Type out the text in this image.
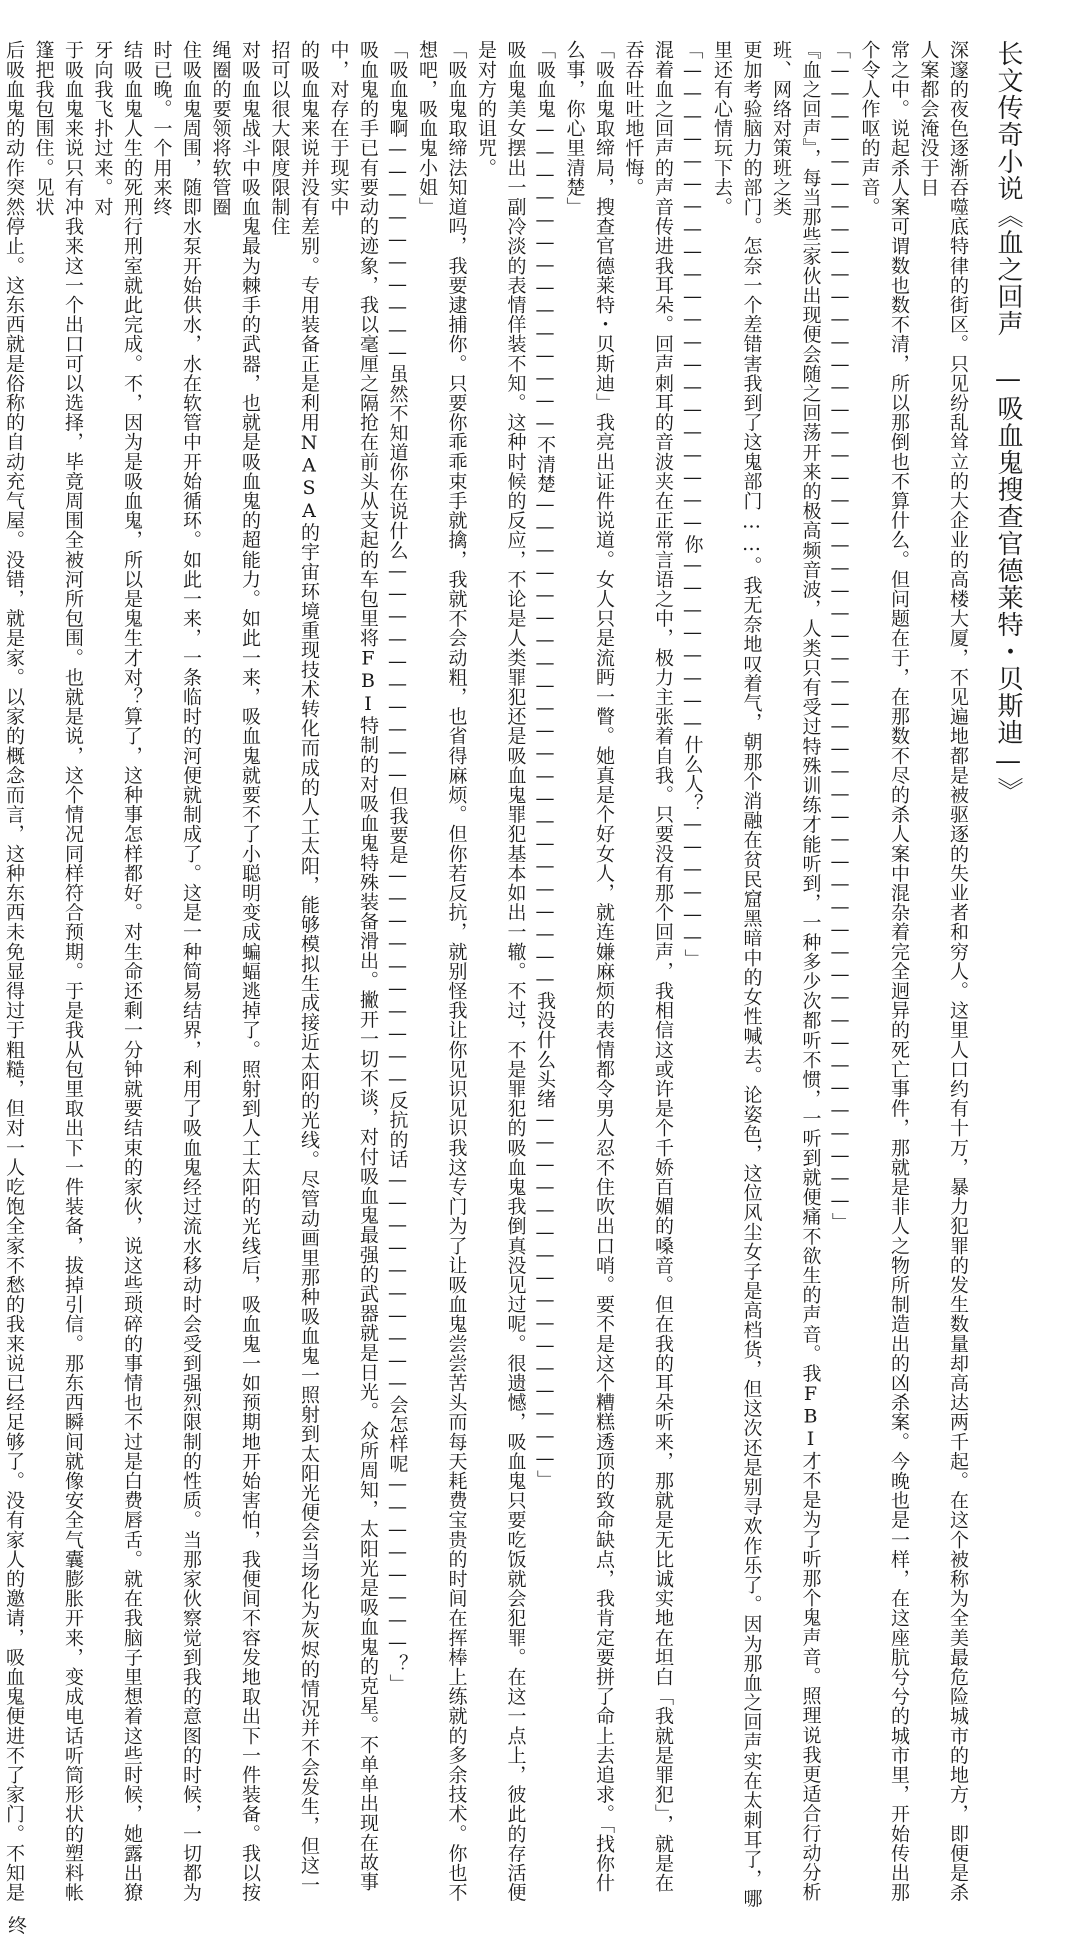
长文传奇小说《血之回声　—吸血鬼搜查官德莱特・贝斯迪—》
深邃的夜色逐渐吞噬底特律的街区。只见纷乱耸立的大企业的高楼大厦，不见遍地都是被驱逐的失业者和穷人。这里人口约有十万，暴力犯罪的发生数量却高达两千起。在这个被称为全美最危险城市的地方，即便是杀人案都会淹没于日
常之中。说起杀人案可谓数也数不清，所以那倒也不算什么。但问题在于，在那数不尽的杀人案中混杂着完全迥异的死亡事件，那就是非人之物所制造出的凶杀案。今晚也是一样，在这座肮兮兮的城市里，开始传出那个令人作呕的声音。
「———————————————————————————————————————————————————」
『血之回声』，每当那些家伙出现便会随之回荡开来的极高频音波，人类只有受过特殊训练才能听到，一种多少次都听不惯，一听到就便痛不欲生的声音。我FBI才不是为了听那个鬼声音。照理说我更适合行动分析班、网络对策班之类
更加考验脑力的部门。怎奈一个差错害我到了这鬼部门……。我无奈地叹着气，朝那个消融在贫民窟黑暗中的女性喊去。论姿色，这位风尘女子是高档货，但这次还是别寻欢作乐了。因为那血之回声实在太刺耳了，哪里还有心情玩下去。
「—————————————————————你————————什么人？——————」
混着血之回声的声音传进我耳朵。回声刺耳的音波夹在正常言语之中，极力主张着自我。只要没有那个回声，我相信这或许是个千娇百媚的嗓音。但在我的耳朵听来，那就是无比诚实地在坦白「我就是罪犯」，就是在吞吞吐吐地忏悔。
「吸血鬼取缔局，搜查官德莱特・贝斯迪」我亮出证件说道。女人只是流眄一瞥。她真是个好女人，就连嫌麻烦的表情都令男人忍不住吹出口哨。要不是这个糟糕透顶的致命缺点，我肯定要拼了命上去追求。「找你什么事，你心里清楚」
「吸血鬼——————————————不清楚——————————————————————我没什么头绪————————————————」
吸血鬼美女摆出一副冷淡的表情佯装不知。这种时候的反应，不论是人类罪犯还是吸血鬼罪犯基本如出一辙。不过，不是罪犯的吸血鬼我倒真没见过呢。很遗憾，吸血鬼只要吃饭就会犯罪。在这一点上，彼此的存活便是对方的诅咒。
「吸血鬼取缔法知道吗，我要逮捕你。只要你乖乖束手就擒，我就不会动粗，也省得麻烦。但你若反抗，就别怪我让你见识见识我这专门为了让吸血鬼尝尝苦头而每天耗费宝贵的时间在挥棒上练就的多余技术。你也不想吧，吸血鬼小姐」
「吸血鬼啊——————————虽然不知道你在说什么——————————但我要是——————————反抗的话——————————会怎样呢————————？」
吸血鬼的手已有要动的迹象，我以毫厘之隔抢在前头从支起的车包里将FBI特制的对吸血鬼特殊装备滑出。撇开一切不谈，对付吸血鬼最强的武器就是日光。众所周知，太阳光是吸血鬼的克星。不单单出现在故事中，对存在于现实中
的吸血鬼来说并没有差别。专用装备正是利用NASA的宇宙环境重现技术转化而成的人工太阳，能够模拟生成接近太阳的光线。尽管动画里那种吸血鬼一照射到太阳光便会当场化为灰烬的情况并不会发生，但这一招可以很大限度限制住
对吸血鬼战斗中吸血鬼最为棘手的武器，也就是吸血鬼的超能力。如此一来，吸血鬼就要不了小聪明变成蝙蝠逃掉了。照射到人工太阳的光线后，吸血鬼一如预期地开始害怕，我便间不容发地取出下一件装备。我以按绳圈的要领将软管圈
住吸血鬼周围，随即水泵开始供水，水在软管中开始循环。如此一来，一条临时的河便就制成了。这是一种简易结界，利用了吸血鬼经过流水移动时会受到强烈限制的性质。当那家伙察觉到我的意图的时候，一切都为时已晚。一个用来终
结吸血鬼人生的死刑行刑室就此完成。不，因为是吸血鬼，所以是鬼生才对？算了，这种事怎样都好。对生命还剩一分钟就要结束的家伙，说这些琐碎的事情也不过是白费唇舌。就在我脑子里想着这些时候，她露出獠牙向我飞扑过来。对
于吸血鬼来说只有冲我来这一个出口可以选择，毕竟周围全被河所包围。也就是说，这个情况同样符合预期。于是我从包里取出下一件装备，拔掉引信。那东西瞬间就像安全气囊膨胀开来，变成电话听筒形状的塑料帐篷把我包围住。见状
后吸血鬼的动作突然停止。这东西就是俗称的自动充气屋。没错，就是家。以家的概念而言，这种东西未免显得过于粗糙，但对一人吃饱全家不愁的我来说已经足够了。没有家人的邀请，吸血鬼便进不了家门。不知是
终
